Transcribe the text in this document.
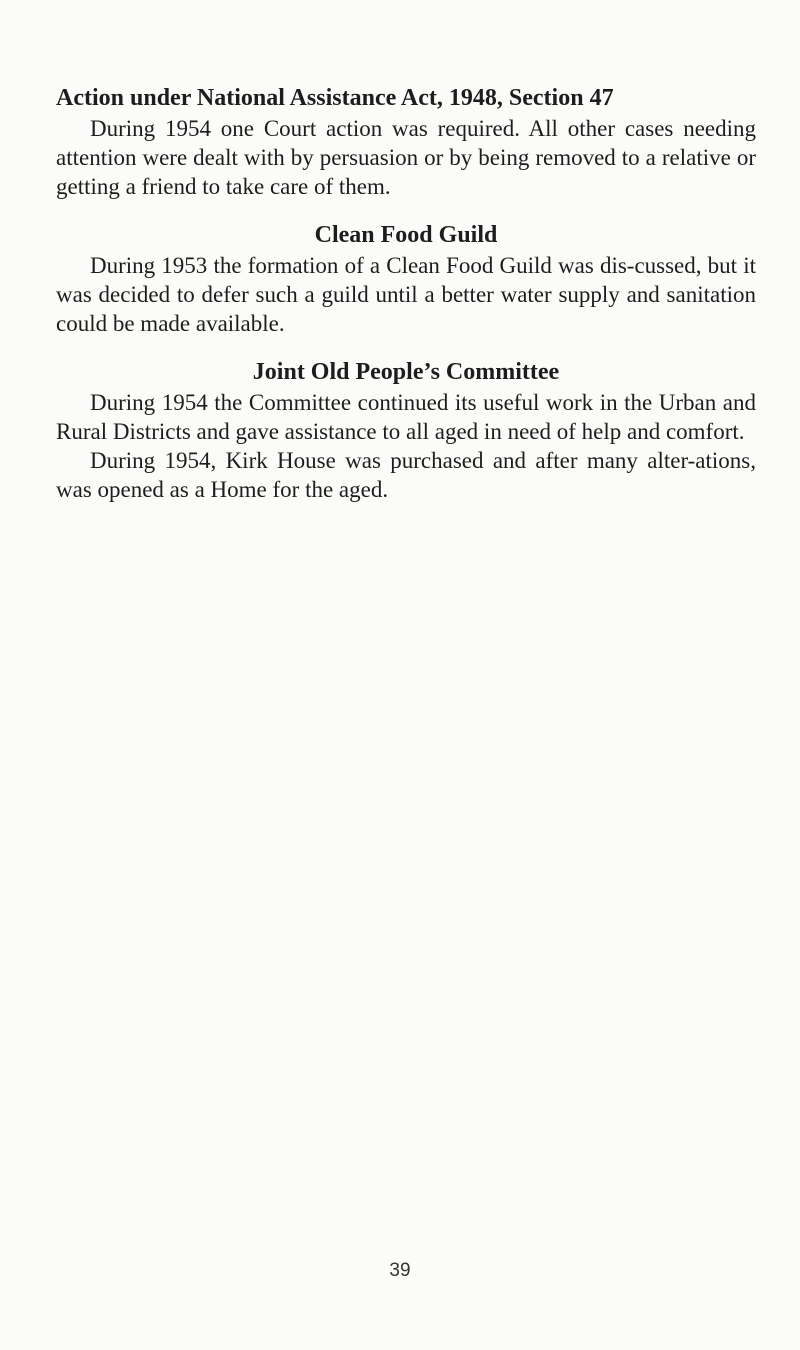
Action under National Assistance Act, 1948, Section 47

During 1954 one Court action was required. All other cases needing attention were dealt with by persuasion or by being removed to a relative or getting a friend to take care of them.

Clean Food Guild

During 1953 the formation of a Clean Food Guild was dis-cussed, but it was decided to defer such a guild until a better water supply and sanitation could be made available.

Joint Old People’s Committee

During 1954 the Committee continued its useful work in the Urban and Rural Districts and gave assistance to all aged in need of help and comfort.

During 1954, Kirk House was purchased and after many alter-ations, was opened as a Home for the aged.

39
